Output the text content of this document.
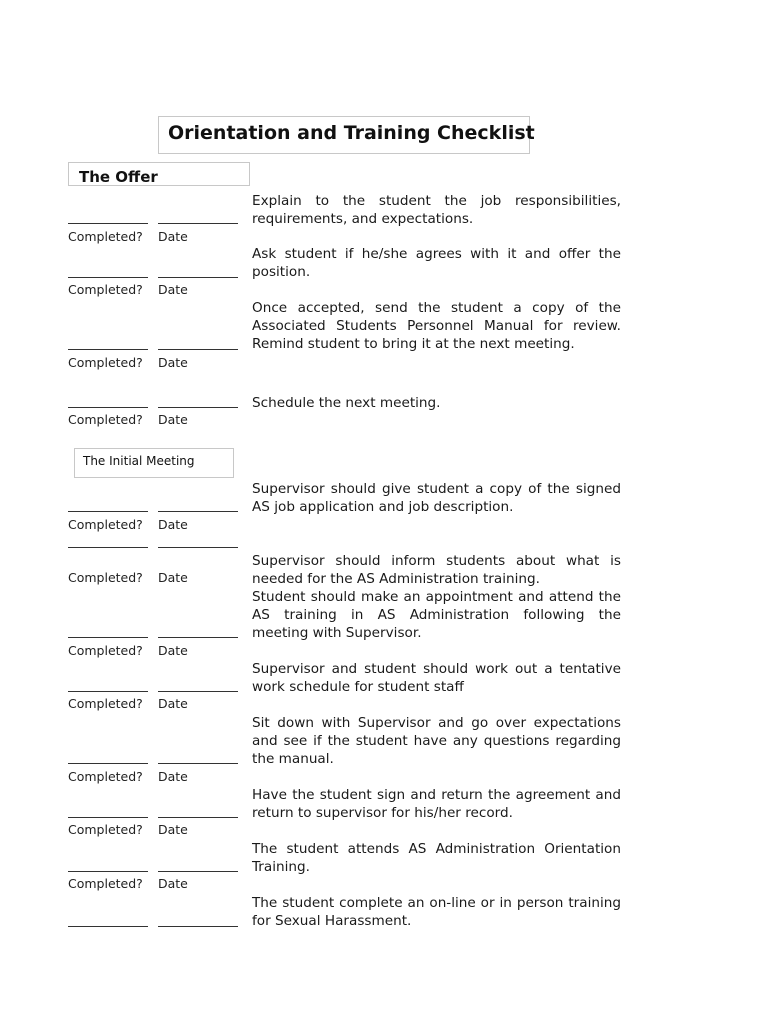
Orientation and Training Checklist
The Offer
Explain to the student the job responsibilities, requirements, and expectations.
Completed? Date
Ask student if he/she agrees with it and offer the position.
Completed? Date
Once accepted, send the student a copy of the Associated Students Personnel Manual for review. Remind student to bring it at the next meeting.
Completed? Date
Schedule the next meeting.
Completed? Date
The Initial Meeting
Supervisor should give student a copy of the signed AS job application and job description.
Completed? Date
Supervisor should inform students about what is needed for the AS Administration training.
Completed? Date
Student should make an appointment and attend the AS training in AS Administration following the meeting with Supervisor.
Completed? Date
Supervisor and student should work out a tentative work schedule for student staff
Completed? Date
Sit down with Supervisor and go over expectations and see if the student have any questions regarding the manual.
Completed? Date
Have the student sign and return the agreement and return to supervisor for his/her record.
Completed? Date
The student attends AS Administration Orientation Training.
Completed? Date
The student complete an on-line or in person training for Sexual Harassment.
